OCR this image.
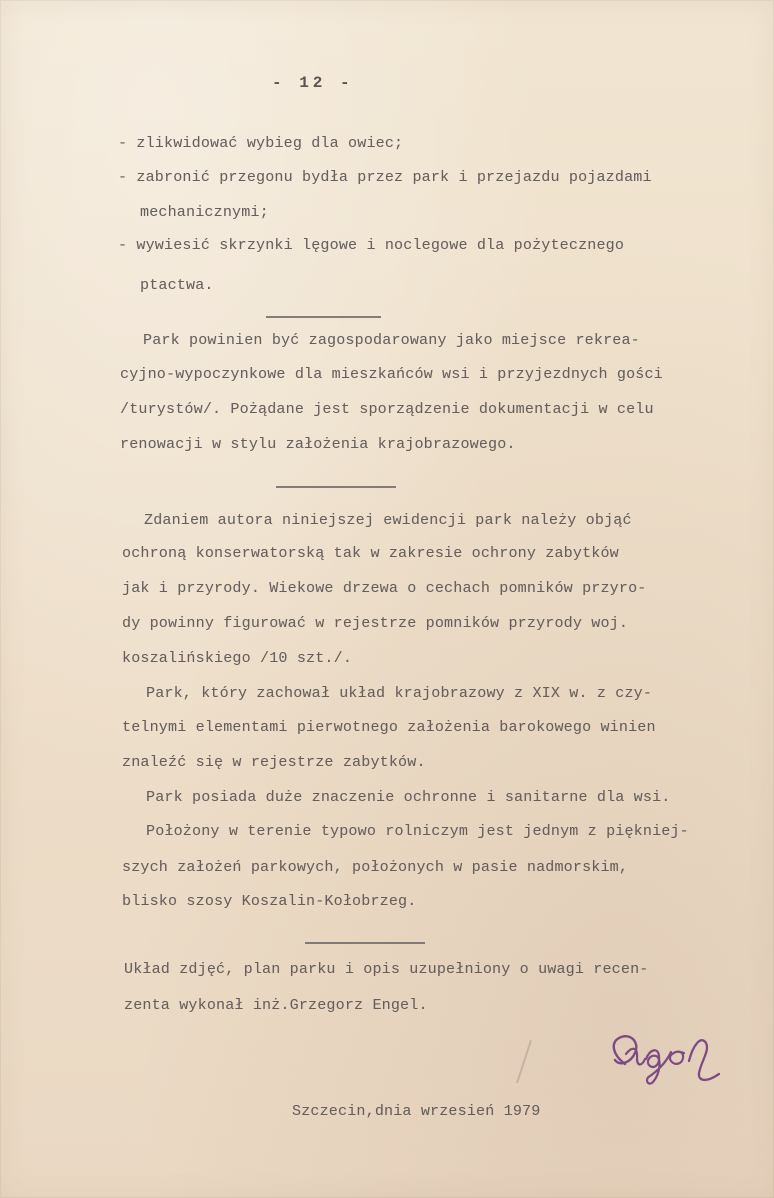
- 12 -
- zlikwidować wybieg dla owiec;
- zabronić przegonu bydła przez park i przejazdu pojazdami
mechanicznymi;
- wywiesić skrzynki lęgowe i noclegowe dla pożytecznego
ptactwa.
Park powinien być zagospodarowany jako miejsce rekrea-
cyjno-wypoczynkowe dla mieszkańców wsi i przyjezdnych gości
/turystów/. Pożądane jest sporządzenie dokumentacji w celu
renowacji w stylu założenia krajobrazowego.
Zdaniem autora niniejszej ewidencji park należy objąć
ochroną konserwatorską tak w zakresie ochrony zabytków
jak i przyrody. Wiekowe drzewa o cechach pomników przyro-
dy powinny figurować w rejestrze pomników przyrody woj.
koszalińskiego /10 szt./.
Park, który zachował układ krajobrazowy z XIX w. z czy-
telnymi elementami pierwotnego założenia barokowego winien
znaleźć się w rejestrze zabytków.
Park posiada duże znaczenie ochronne i sanitarne dla wsi.
Położony w terenie typowo rolniczym jest jednym z piękniej-
szych założeń parkowych, położonych w pasie nadmorskim,
blisko szosy Koszalin-Kołobrzeg.
Układ zdjęć, plan parku i opis uzupełniony o uwagi recen-
zenta wykonał inż.Grzegorz Engel.
Szczecin,dnia wrzesień 1979
